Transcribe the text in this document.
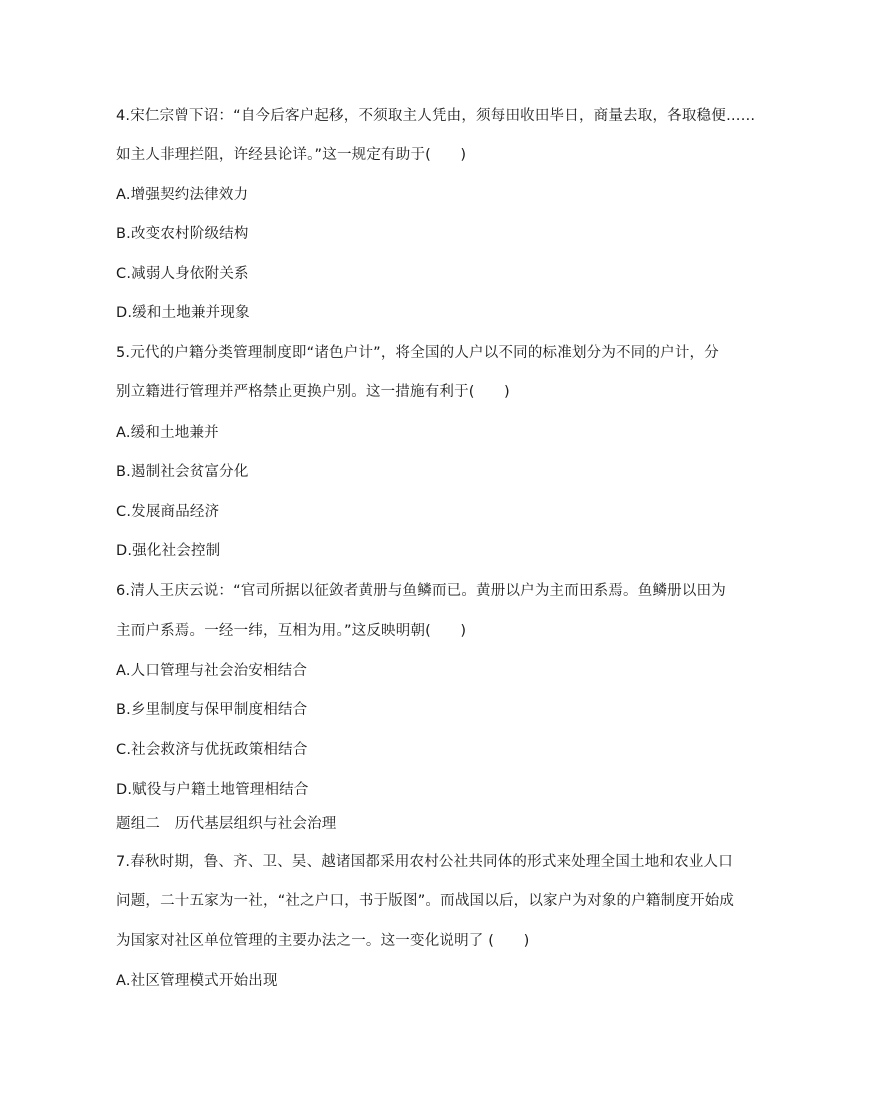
4.宋仁宗曾下诏：“自今后客户起移，不须取主人凭由，须每田收田毕日，商量去取，各取稳便……
如主人非理拦阻，许经县论详。”这一规定有助于(　　)
A.增强契约法律效力
B.改变农村阶级结构
C.减弱人身依附关系
D.缓和土地兼并现象
5.元代的户籍分类管理制度即“诸色户计”，将全国的人户以不同的标准划分为不同的户计，分
别立籍进行管理并严格禁止更换户别。这一措施有利于(　　)
A.缓和土地兼并
B.遏制社会贫富分化
C.发展商品经济
D.强化社会控制
6.清人王庆云说：“官司所据以征敛者黄册与鱼鳞而已。黄册以户为主而田系焉。鱼鳞册以田为
主而户系焉。一经一纬，互相为用。”这反映明朝(　　)
A.人口管理与社会治安相结合
B.乡里制度与保甲制度相结合
C.社会救济与优抚政策相结合
D.赋役与户籍土地管理相结合
题组二　历代基层组织与社会治理
7.春秋时期，鲁、齐、卫、吴、越诸国都采用农村公社共同体的形式来处理全国土地和农业人口
问题，二十五家为一社，“社之户口，书于版图”。而战国以后，以家户为对象的户籍制度开始成
为国家对社区单位管理的主要办法之一。这一变化说明了 (　　)
A.社区管理模式开始出现
